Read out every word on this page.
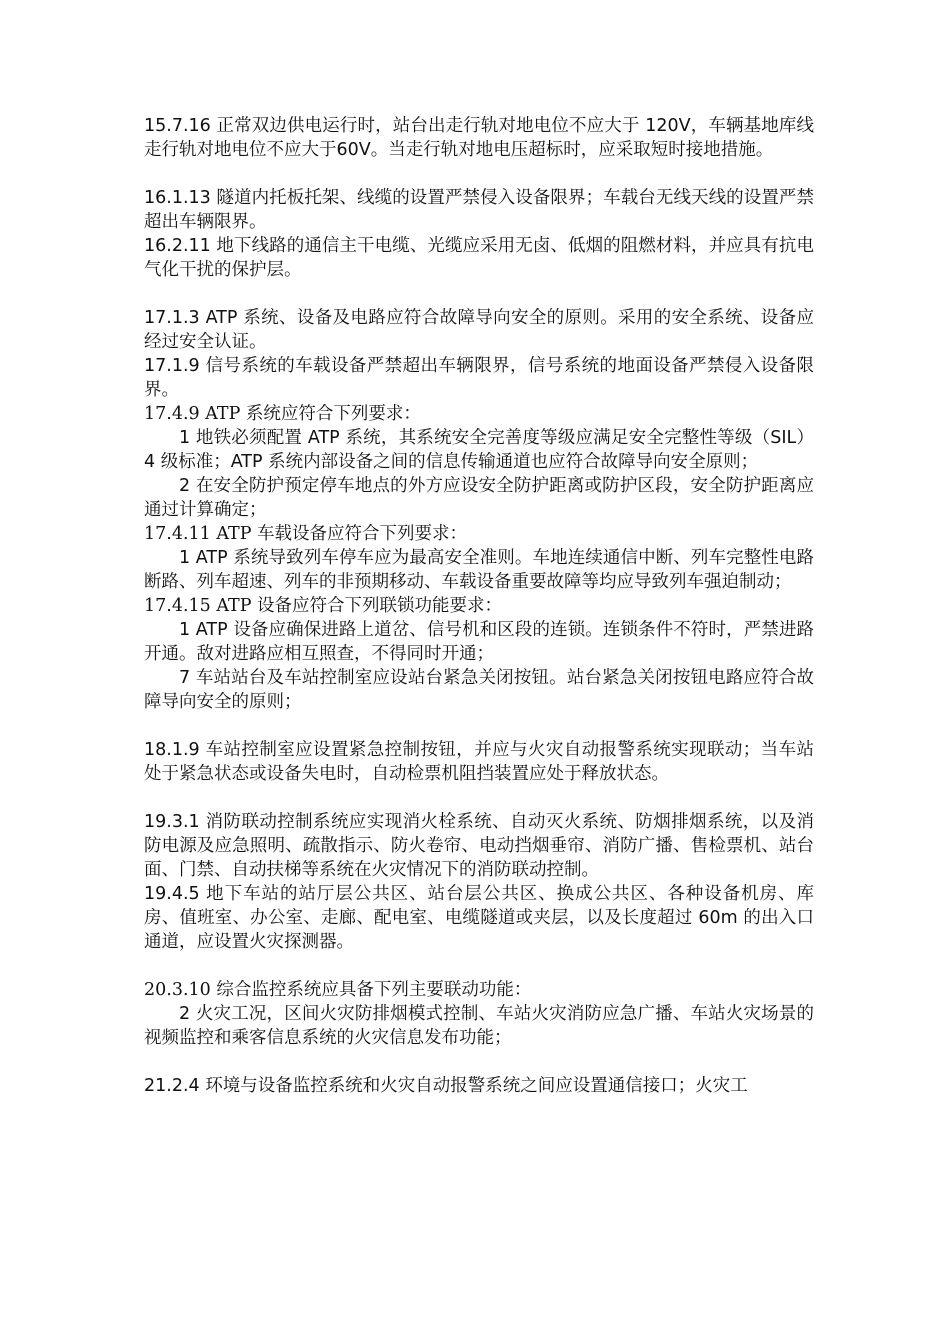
15.7.16 正常双边供电运行时，站台出走行轨对地电位不应大于 120V，车辆基地库线走行轨对地电位不应大于60V。当走行轨对地电压超标时，应采取短时接地措施。

16.1.13 隧道内托板托架、线缆的设置严禁侵入设备限界；车载台无线天线的设置严禁超出车辆限界。

16.2.11 地下线路的通信主干电缆、光缆应采用无卤、低烟的阻燃材料，并应具有抗电气化干扰的保护层。

17.1.3 ATP 系统、设备及电路应符合故障导向安全的原则。采用的安全系统、设备应经过安全认证。

17.1.9 信号系统的车载设备严禁超出车辆限界，信号系统的地面设备严禁侵入设备限界。

17.4.9 ATP 系统应符合下列要求：

1 地铁必须配置 ATP 系统，其系统安全完善度等级应满足安全完整性等级（SIL）4 级标准；ATP 系统内部设备之间的信息传输通道也应符合故障导向安全原则；

2 在安全防护预定停车地点的外方应设安全防护距离或防护区段，安全防护距离应通过计算确定；

17.4.11 ATP 车载设备应符合下列要求：

1 ATP 系统导致列车停车应为最高安全准则。车地连续通信中断、列车完整性电路断路、列车超速、列车的非预期移动、车载设备重要故障等均应导致列车强迫制动；

17.4.15 ATP 设备应符合下列联锁功能要求：

1 ATP 设备应确保进路上道岔、信号机和区段的连锁。连锁条件不符时，严禁进路开通。敌对进路应相互照查，不得同时开通；

7 车站站台及车站控制室应设站台紧急关闭按钮。站台紧急关闭按钮电路应符合故障导向安全的原则；

18.1.9 车站控制室应设置紧急控制按钮，并应与火灾自动报警系统实现联动；当车站处于紧急状态或设备失电时，自动检票机阻挡装置应处于释放状态。

19.3.1 消防联动控制系统应实现消火栓系统、自动灭火系统、防烟排烟系统，以及消防电源及应急照明、疏散指示、防火卷帘、电动挡烟垂帘、消防广播、售检票机、站台面、门禁、自动扶梯等系统在火灾情况下的消防联动控制。

19.4.5 地下车站的站厅层公共区、站台层公共区、换成公共区、各种设备机房、库房、值班室、办公室、走廊、配电室、电缆隧道或夹层，以及长度超过 60m 的出入口通道，应设置火灾探测器。

20.3.10 综合监控系统应具备下列主要联动功能：

2 火灾工况，区间火灾防排烟模式控制、车站火灾消防应急广播、车站火灾场景的视频监控和乘客信息系统的火灾信息发布功能；

21.2.4 环境与设备监控系统和火灾自动报警系统之间应设置通信接口；火灾工
